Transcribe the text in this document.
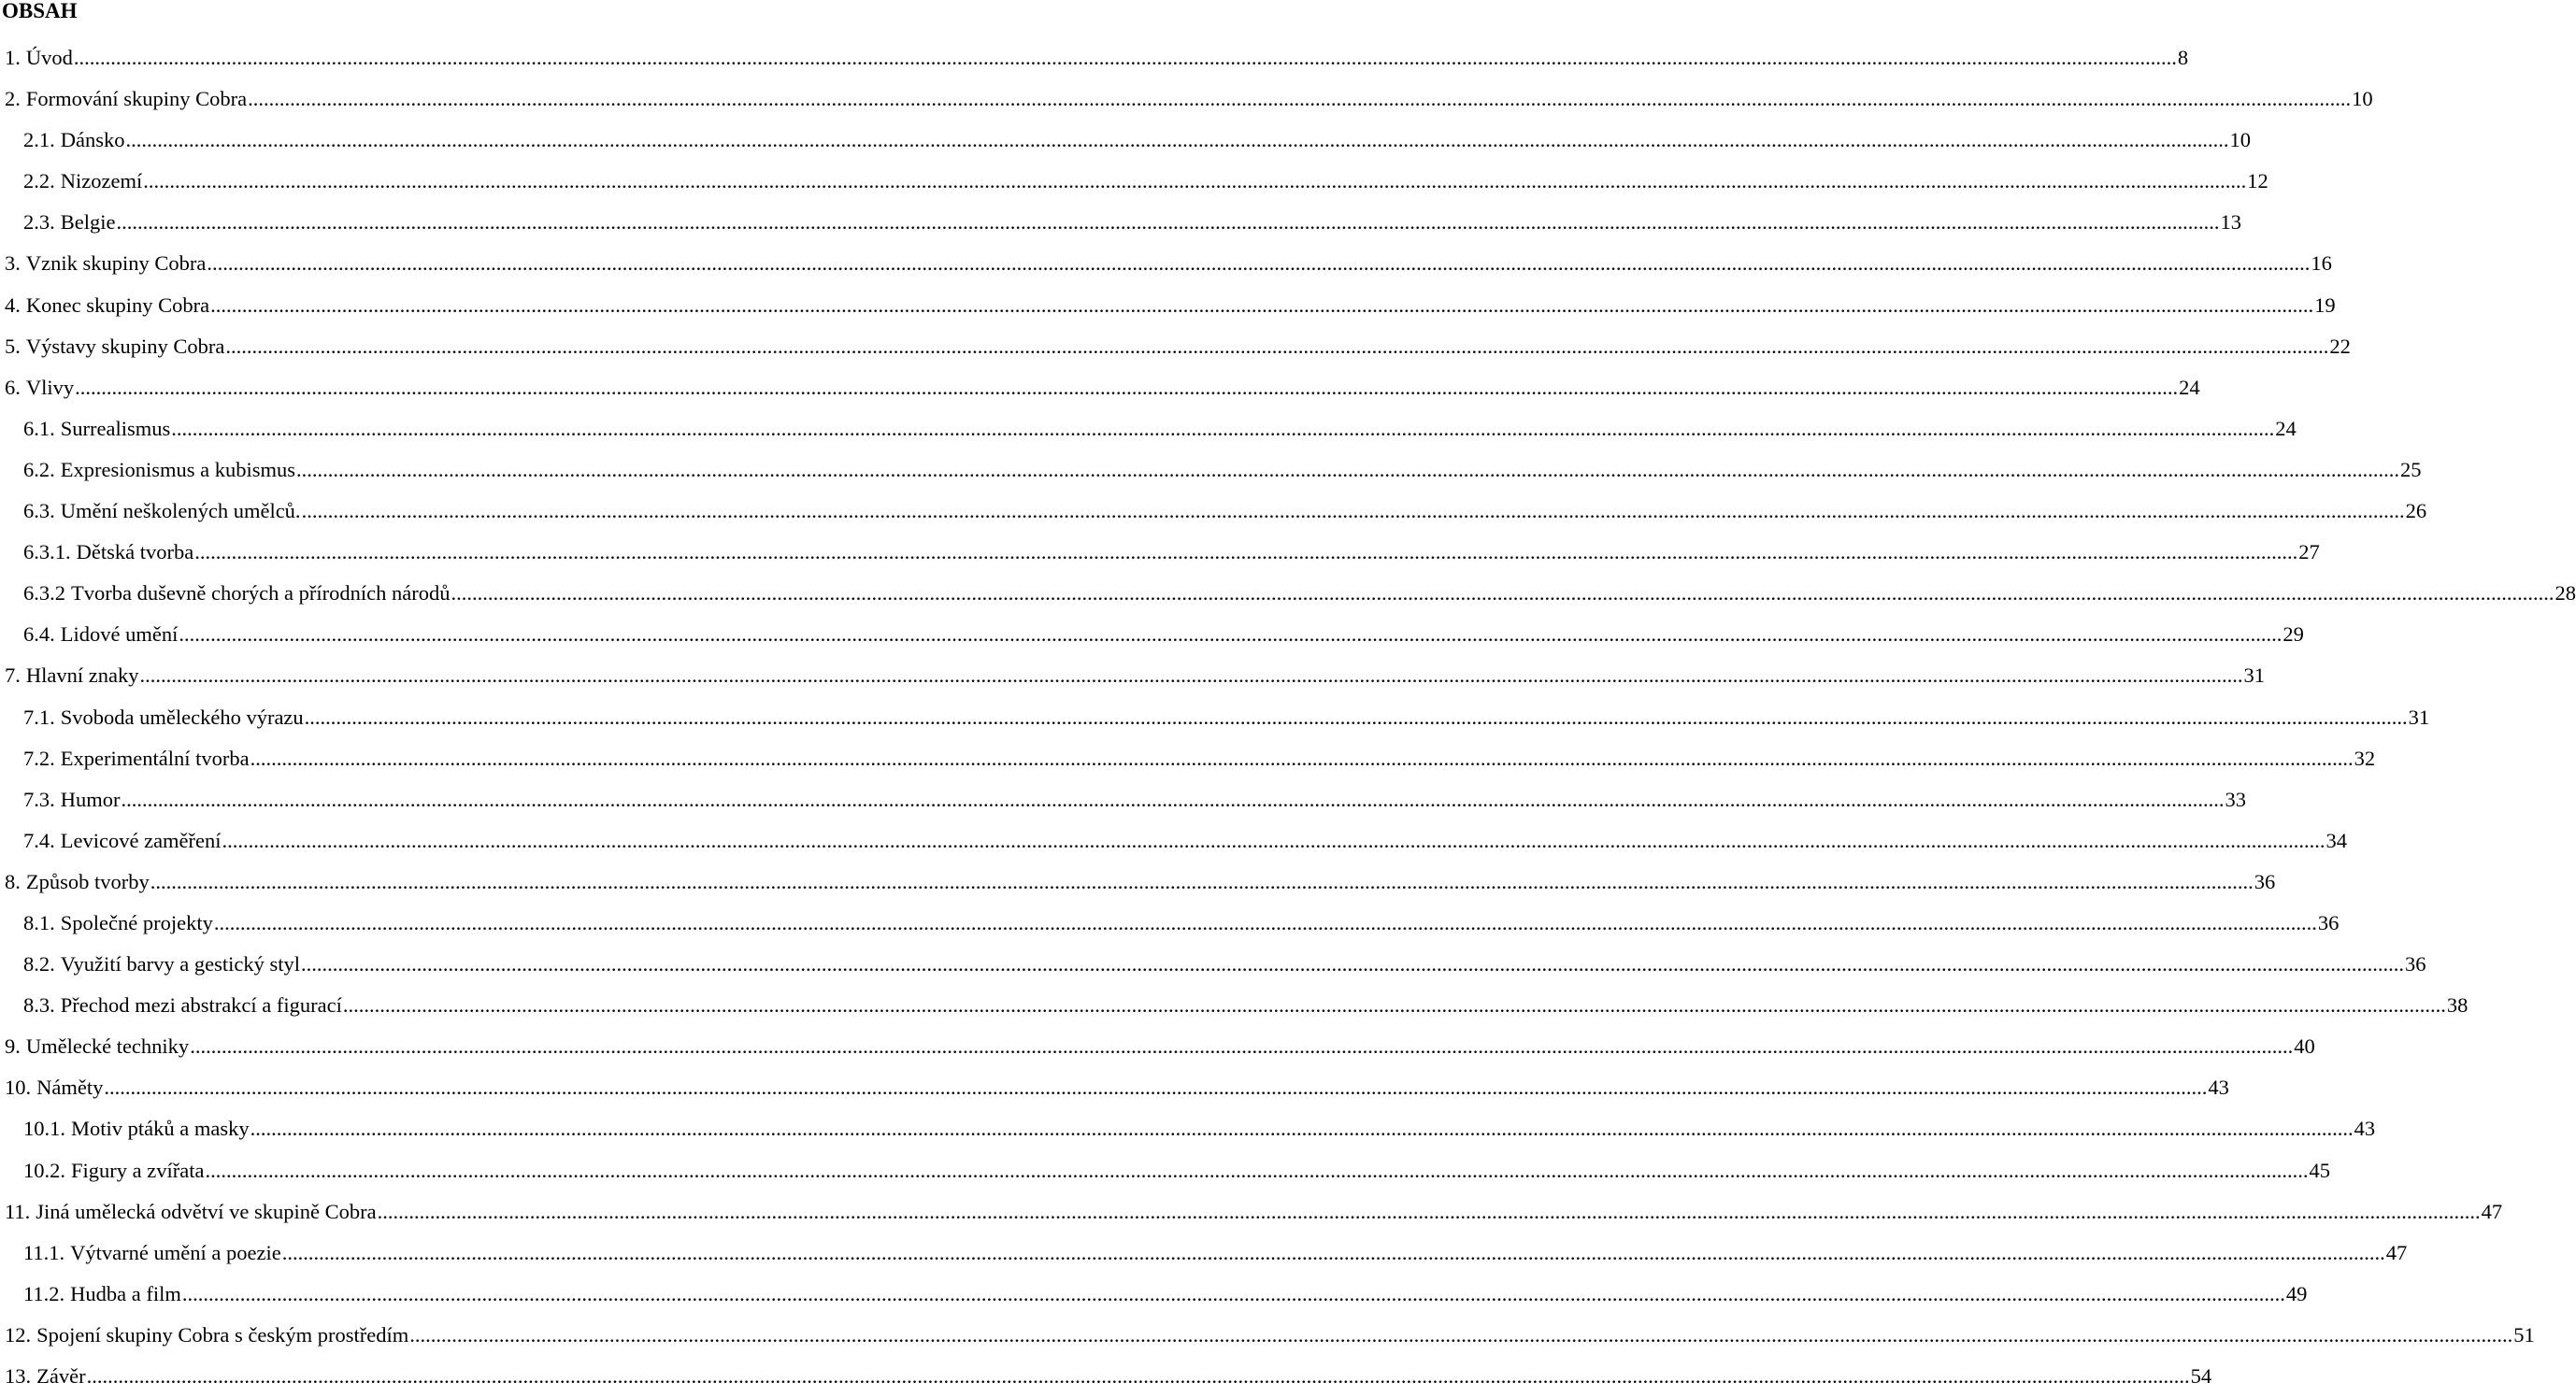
OBSAH
1. Úvod ................................................................................................................................................................................................................................................................................................................................................................................................................ 8
2. Formování skupiny Cobra ................................................................................................................................................................................................................................................................................................................................................................................................................ 10
2.1. Dánsko ................................................................................................................................................................................................................................................................................................................................................................................................................ 10
2.2. Nizozemí ................................................................................................................................................................................................................................................................................................................................................................................................................ 12
2.3. Belgie ................................................................................................................................................................................................................................................................................................................................................................................................................ 13
3. Vznik skupiny Cobra ................................................................................................................................................................................................................................................................................................................................................................................................................ 16
4. Konec skupiny Cobra ................................................................................................................................................................................................................................................................................................................................................................................................................ 19
5. Výstavy skupiny Cobra ................................................................................................................................................................................................................................................................................................................................................................................................................ 22
6. Vlivy ................................................................................................................................................................................................................................................................................................................................................................................................................ 24
6.1. Surrealismus ................................................................................................................................................................................................................................................................................................................................................................................................................ 24
6.2. Expresionismus a kubismus ................................................................................................................................................................................................................................................................................................................................................................................................................ 25
6.3. Umění neškolených umělců. ................................................................................................................................................................................................................................................................................................................................................................................................................ 26
6.3.1. Dětská tvorba ................................................................................................................................................................................................................................................................................................................................................................................................................ 27
6.3.2 Tvorba duševně chorých a přírodních národů ................................................................................................................................................................................................................................................................................................................................................................................................................ 28
6.4. Lidové umění ................................................................................................................................................................................................................................................................................................................................................................................................................ 29
7. Hlavní znaky ................................................................................................................................................................................................................................................................................................................................................................................................................ 31
7.1. Svoboda uměleckého výrazu ................................................................................................................................................................................................................................................................................................................................................................................................................ 31
7.2. Experimentální tvorba ................................................................................................................................................................................................................................................................................................................................................................................................................ 32
7.3. Humor ................................................................................................................................................................................................................................................................................................................................................................................................................ 33
7.4. Levicové zaměření ................................................................................................................................................................................................................................................................................................................................................................................................................ 34
8. Způsob tvorby ................................................................................................................................................................................................................................................................................................................................................................................................................ 36
8.1. Společné projekty ................................................................................................................................................................................................................................................................................................................................................................................................................ 36
8.2. Využití barvy a gestický styl ................................................................................................................................................................................................................................................................................................................................................................................................................ 36
8.3. Přechod mezi abstrakcí a figurací ................................................................................................................................................................................................................................................................................................................................................................................................................ 38
9. Umělecké techniky ................................................................................................................................................................................................................................................................................................................................................................................................................ 40
10. Náměty ................................................................................................................................................................................................................................................................................................................................................................................................................ 43
10.1. Motiv ptáků a masky ................................................................................................................................................................................................................................................................................................................................................................................................................ 43
10.2. Figury a zvířata ................................................................................................................................................................................................................................................................................................................................................................................................................ 45
11. Jiná umělecká odvětví ve skupině Cobra ................................................................................................................................................................................................................................................................................................................................................................................................................ 47
11.1. Výtvarné umění a poezie ................................................................................................................................................................................................................................................................................................................................................................................................................ 47
11.2. Hudba a film ................................................................................................................................................................................................................................................................................................................................................................................................................ 49
12. Spojení skupiny Cobra s českým prostředím ................................................................................................................................................................................................................................................................................................................................................................................................................ 51
13. Závěr ................................................................................................................................................................................................................................................................................................................................................................................................................ 54
